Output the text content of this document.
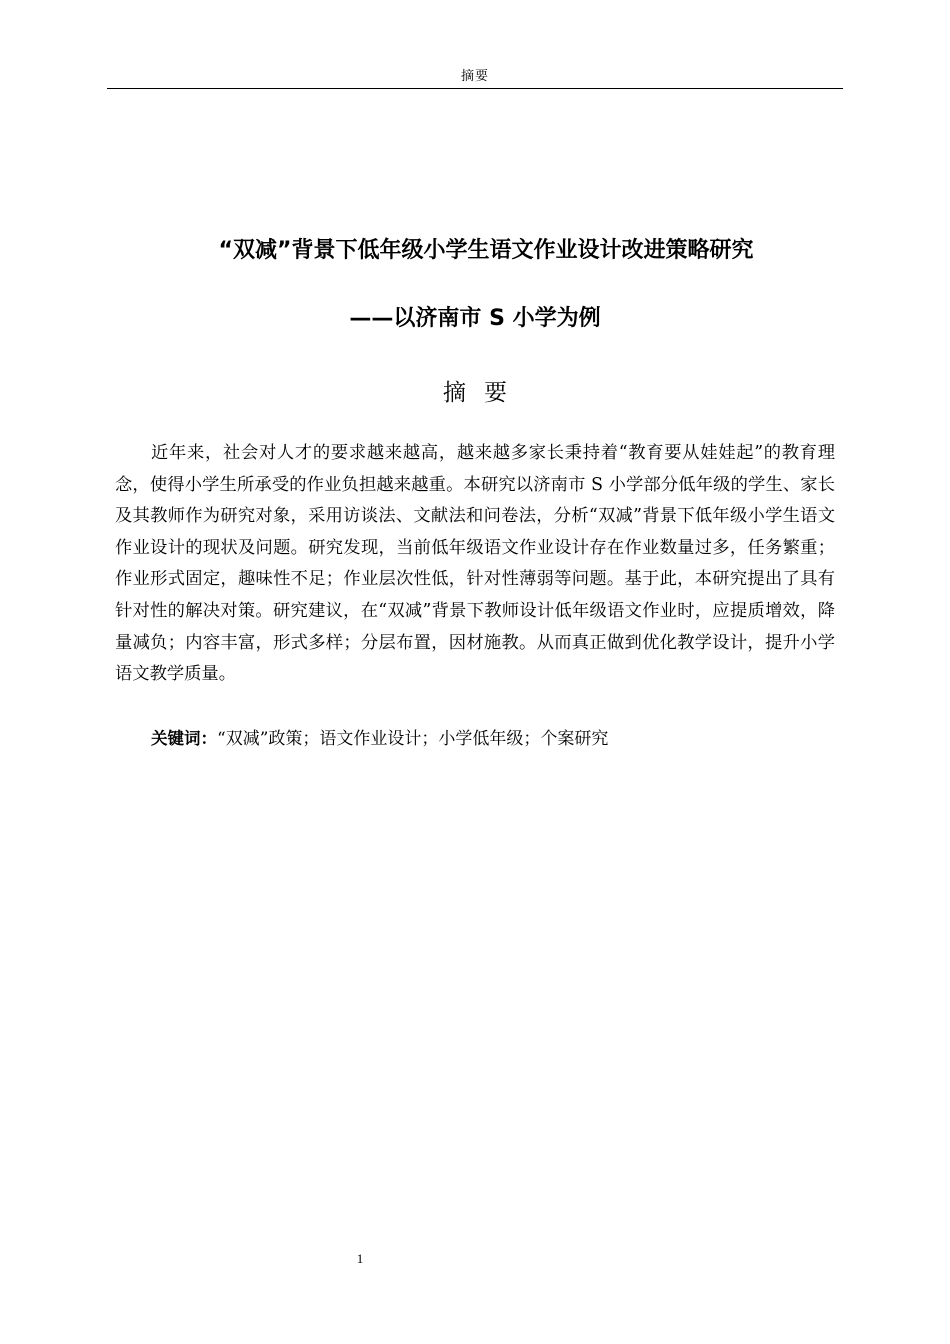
摘要
“双减”背景下低年级小学生语文作业设计改进策略研究
——以济南市 S 小学为例
摘要

近年来，社会对人才的要求越来越高，越来越多家长秉持着“教育要从娃娃起”的教育理念，使得小学生所承受的作业负担越来越重。本研究以济南市 S 小学部分低年级的学生、家长及其教师作为研究对象，采用访谈法、文献法和问卷法，分析“双减”背景下低年级小学生语文作业设计的现状及问题。研究发现，当前低年级语文作业设计存在作业数量过多，任务繁重；作业形式固定，趣味性不足；作业层次性低，针对性薄弱等问题。基于此，本研究提出了具有针对性的解决对策。研究建议，在“双减”背景下教师设计低年级语文作业时，应提质增效，降量减负；内容丰富，形式多样；分层布置，因材施教。从而真正做到优化教学设计，提升小学语文教学质量。

关键词：“双减”政策；语文作业设计；小学低年级；个案研究
1
